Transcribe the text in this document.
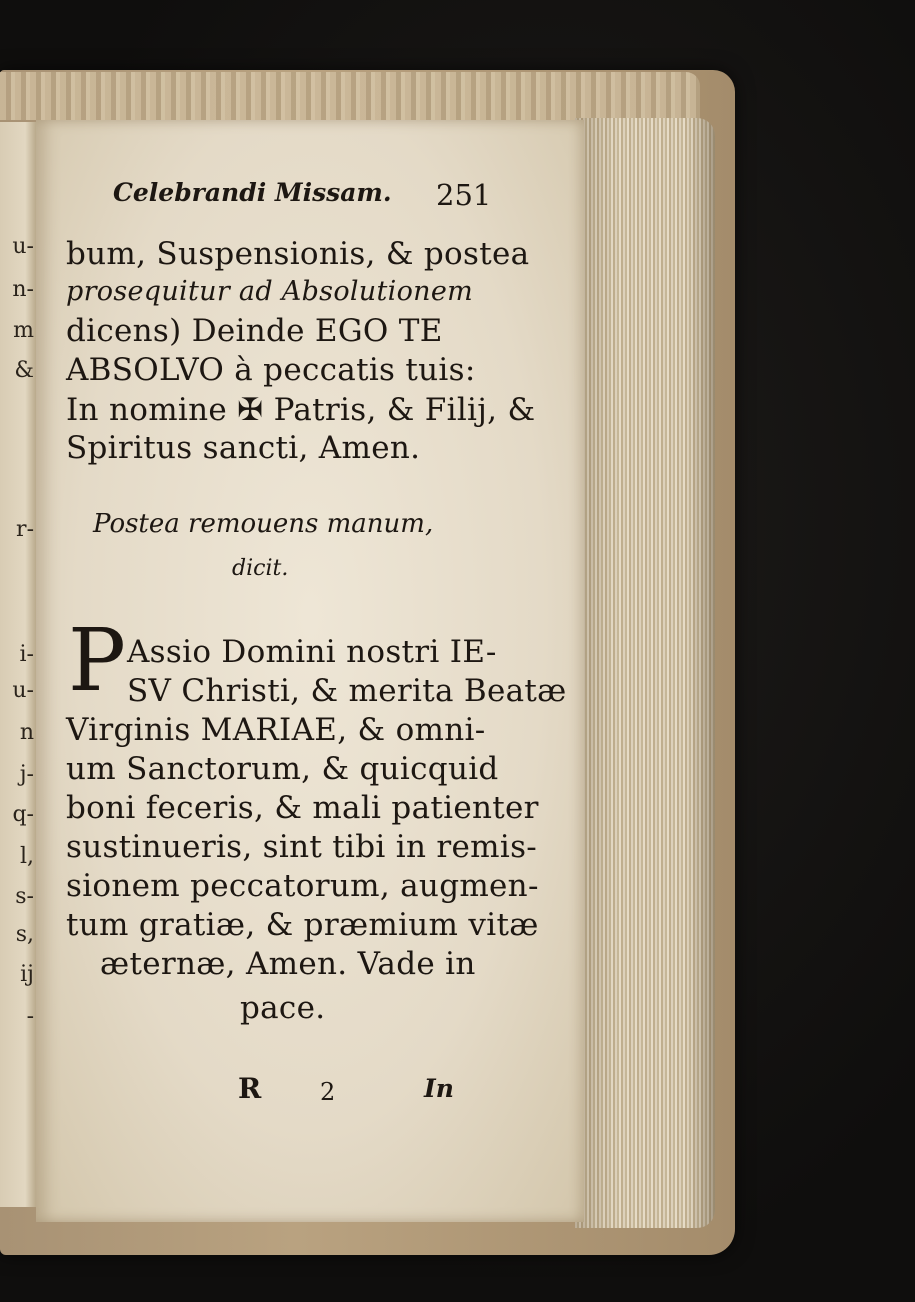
u-
n-
m
&
r-
i-
u-
n
j-
q-
l,
s-
s,
ij
-
Celebrandi Missam. 251
bum, Suspensionis, & postea
prosequitur ad Absolutionem
dicens) Deinde EGO TE
ABSOLVO à peccatis tuis:
In nomine ✠ Patris, & Filij, &
Spiritus sancti, Amen.
Postea remouens manum,
dicit.
P Assio Domini nostri IE-
SV Christi, & merita Beatæ
Virginis MARIAE, & omni-
um Sanctorum, & quicquid
boni feceris, & mali patienter
sustinueris, sint tibi in remis-
sionem peccatorum, augmen-
tum gratiæ, & præmium vitæ
æternæ, Amen. Vade in
pace.
R 2	In
